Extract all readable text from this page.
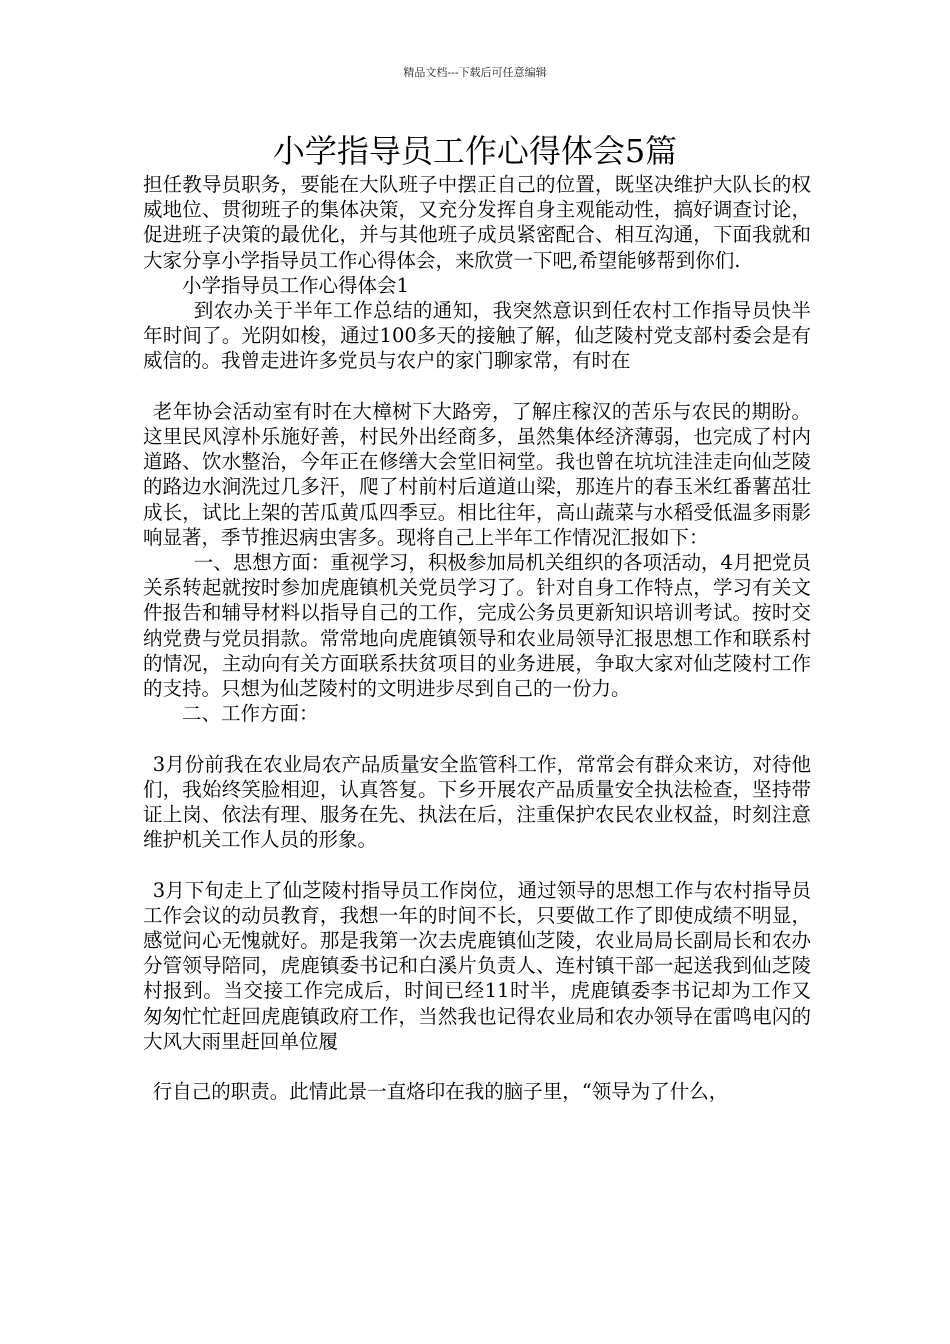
精品文档---下载后可任意编辑
小学指导员工作心得体会5篇

担任教导员职务，要能在大队班子中摆正自己的位置，既坚决维护大队长的权威地位、贯彻班子的集体决策，又充分发挥自身主观能动性，搞好调查讨论，促进班子决策的最优化，并与其他班子成员紧密配合、相互沟通，下面我就和大家分享小学指导员工作心得体会，来欣赏一下吧,希望能够帮到你们.

小学指导员工作心得体会1

到农办关于半年工作总结的通知，我突然意识到任农村工作指导员快半年时间了。光阴如梭，通过100多天的接触了解，仙芝陵村党支部村委会是有威信的。我曾走进许多党员与农户的家门聊家常，有时在

老年协会活动室有时在大樟树下大路旁，了解庄稼汉的苦乐与农民的期盼。这里民风淳朴乐施好善，村民外出经商多，虽然集体经济薄弱，也完成了村内道路、饮水整治，今年正在修缮大会堂旧祠堂。我也曾在坑坑洼洼走向仙芝陵的路边水涧洗过几多汗，爬了村前村后道道山梁，那连片的春玉米红番薯茁壮成长，试比上架的苦瓜黄瓜四季豆。相比往年，高山蔬菜与水稻受低温多雨影响显著，季节推迟病虫害多。现将自己上半年工作情况汇报如下：

一、思想方面：重视学习，积极参加局机关组织的各项活动，4月把党员关系转起就按时参加虎鹿镇机关党员学习了。针对自身工作特点，学习有关文件报告和辅导材料以指导自己的工作，完成公务员更新知识培训考试。按时交纳党费与党员捐款。常常地向虎鹿镇领导和农业局领导汇报思想工作和联系村的情况，主动向有关方面联系扶贫项目的业务进展，争取大家对仙芝陵村工作的支持。只想为仙芝陵村的文明进步尽到自己的一份力。

二、工作方面：

3月份前我在农业局农产品质量安全监管科工作，常常会有群众来访，对待他们，我始终笑脸相迎，认真答复。下乡开展农产品质量安全执法检查，坚持带证上岗、依法有理、服务在先、执法在后，注重保护农民农业权益，时刻注意维护机关工作人员的形象。

3月下旬走上了仙芝陵村指导员工作岗位，通过领导的思想工作与农村指导员工作会议的动员教育，我想一年的时间不长，只要做工作了即使成绩不明显，感觉问心无愧就好。那是我第一次去虎鹿镇仙芝陵，农业局局长副局长和农办分管领导陪同，虎鹿镇委书记和白溪片负责人、连村镇干部一起送我到仙芝陵村报到。当交接工作完成后，时间已经11时半，虎鹿镇委李书记却为工作又匆匆忙忙赶回虎鹿镇政府工作，当然我也记得农业局和农办领导在雷鸣电闪的大风大雨里赶回单位履

行自己的职责。此情此景一直烙印在我的脑子里，“领导为了什么，
